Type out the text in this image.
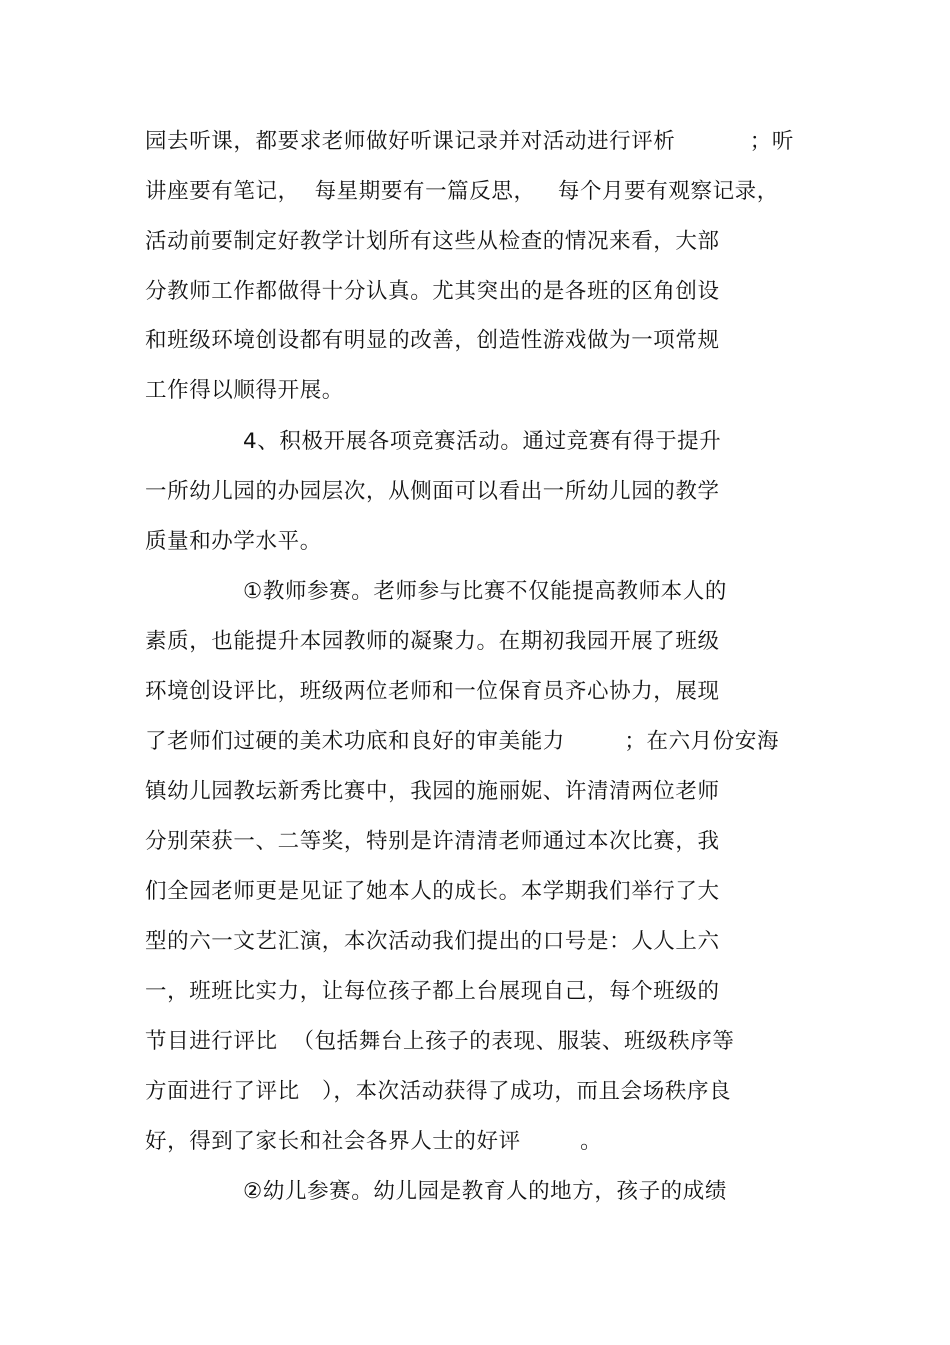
园去听课，都要求老师做好听课记录并对活动进行评析          ；听
讲座要有笔记，  每星期要有一篇反思，   每个月要有观察记录，
活动前要制定好教学计划所有这些从检查的情况来看，大部
分教师工作都做得十分认真。尤其突出的是各班的区角创设
和班级环境创设都有明显的改善，创造性游戏做为一项常规
工作得以顺得开展。
4、积极开展各项竞赛活动。通过竞赛有得于提升
一所幼儿园的办园层次，从侧面可以看出一所幼儿园的教学
质量和办学水平。
①教师参赛。老师参与比赛不仅能提高教师本人的
素质，也能提升本园教师的凝聚力。在期初我园开展了班级
环境创设评比，班级两位老师和一位保育员齐心协力，展现
了老师们过硬的美术功底和良好的审美能力        ；在六月份安海
镇幼儿园教坛新秀比赛中，我园的施丽妮、许清清两位老师
分别荣获一、二等奖，特别是许清清老师通过本次比赛，我
们全园老师更是见证了她本人的成长。本学期我们举行了大
型的六一文艺汇演，本次活动我们提出的口号是：人人上六
一，班班比实力，让每位孩子都上台展现自己，每个班级的
节目进行评比  （包括舞台上孩子的表现、服装、班级秩序等
方面进行了评比   ），本次活动获得了成功，而且会场秩序良
好，得到了家长和社会各界人士的好评        。
②幼儿参赛。幼儿园是教育人的地方，孩子的成绩
